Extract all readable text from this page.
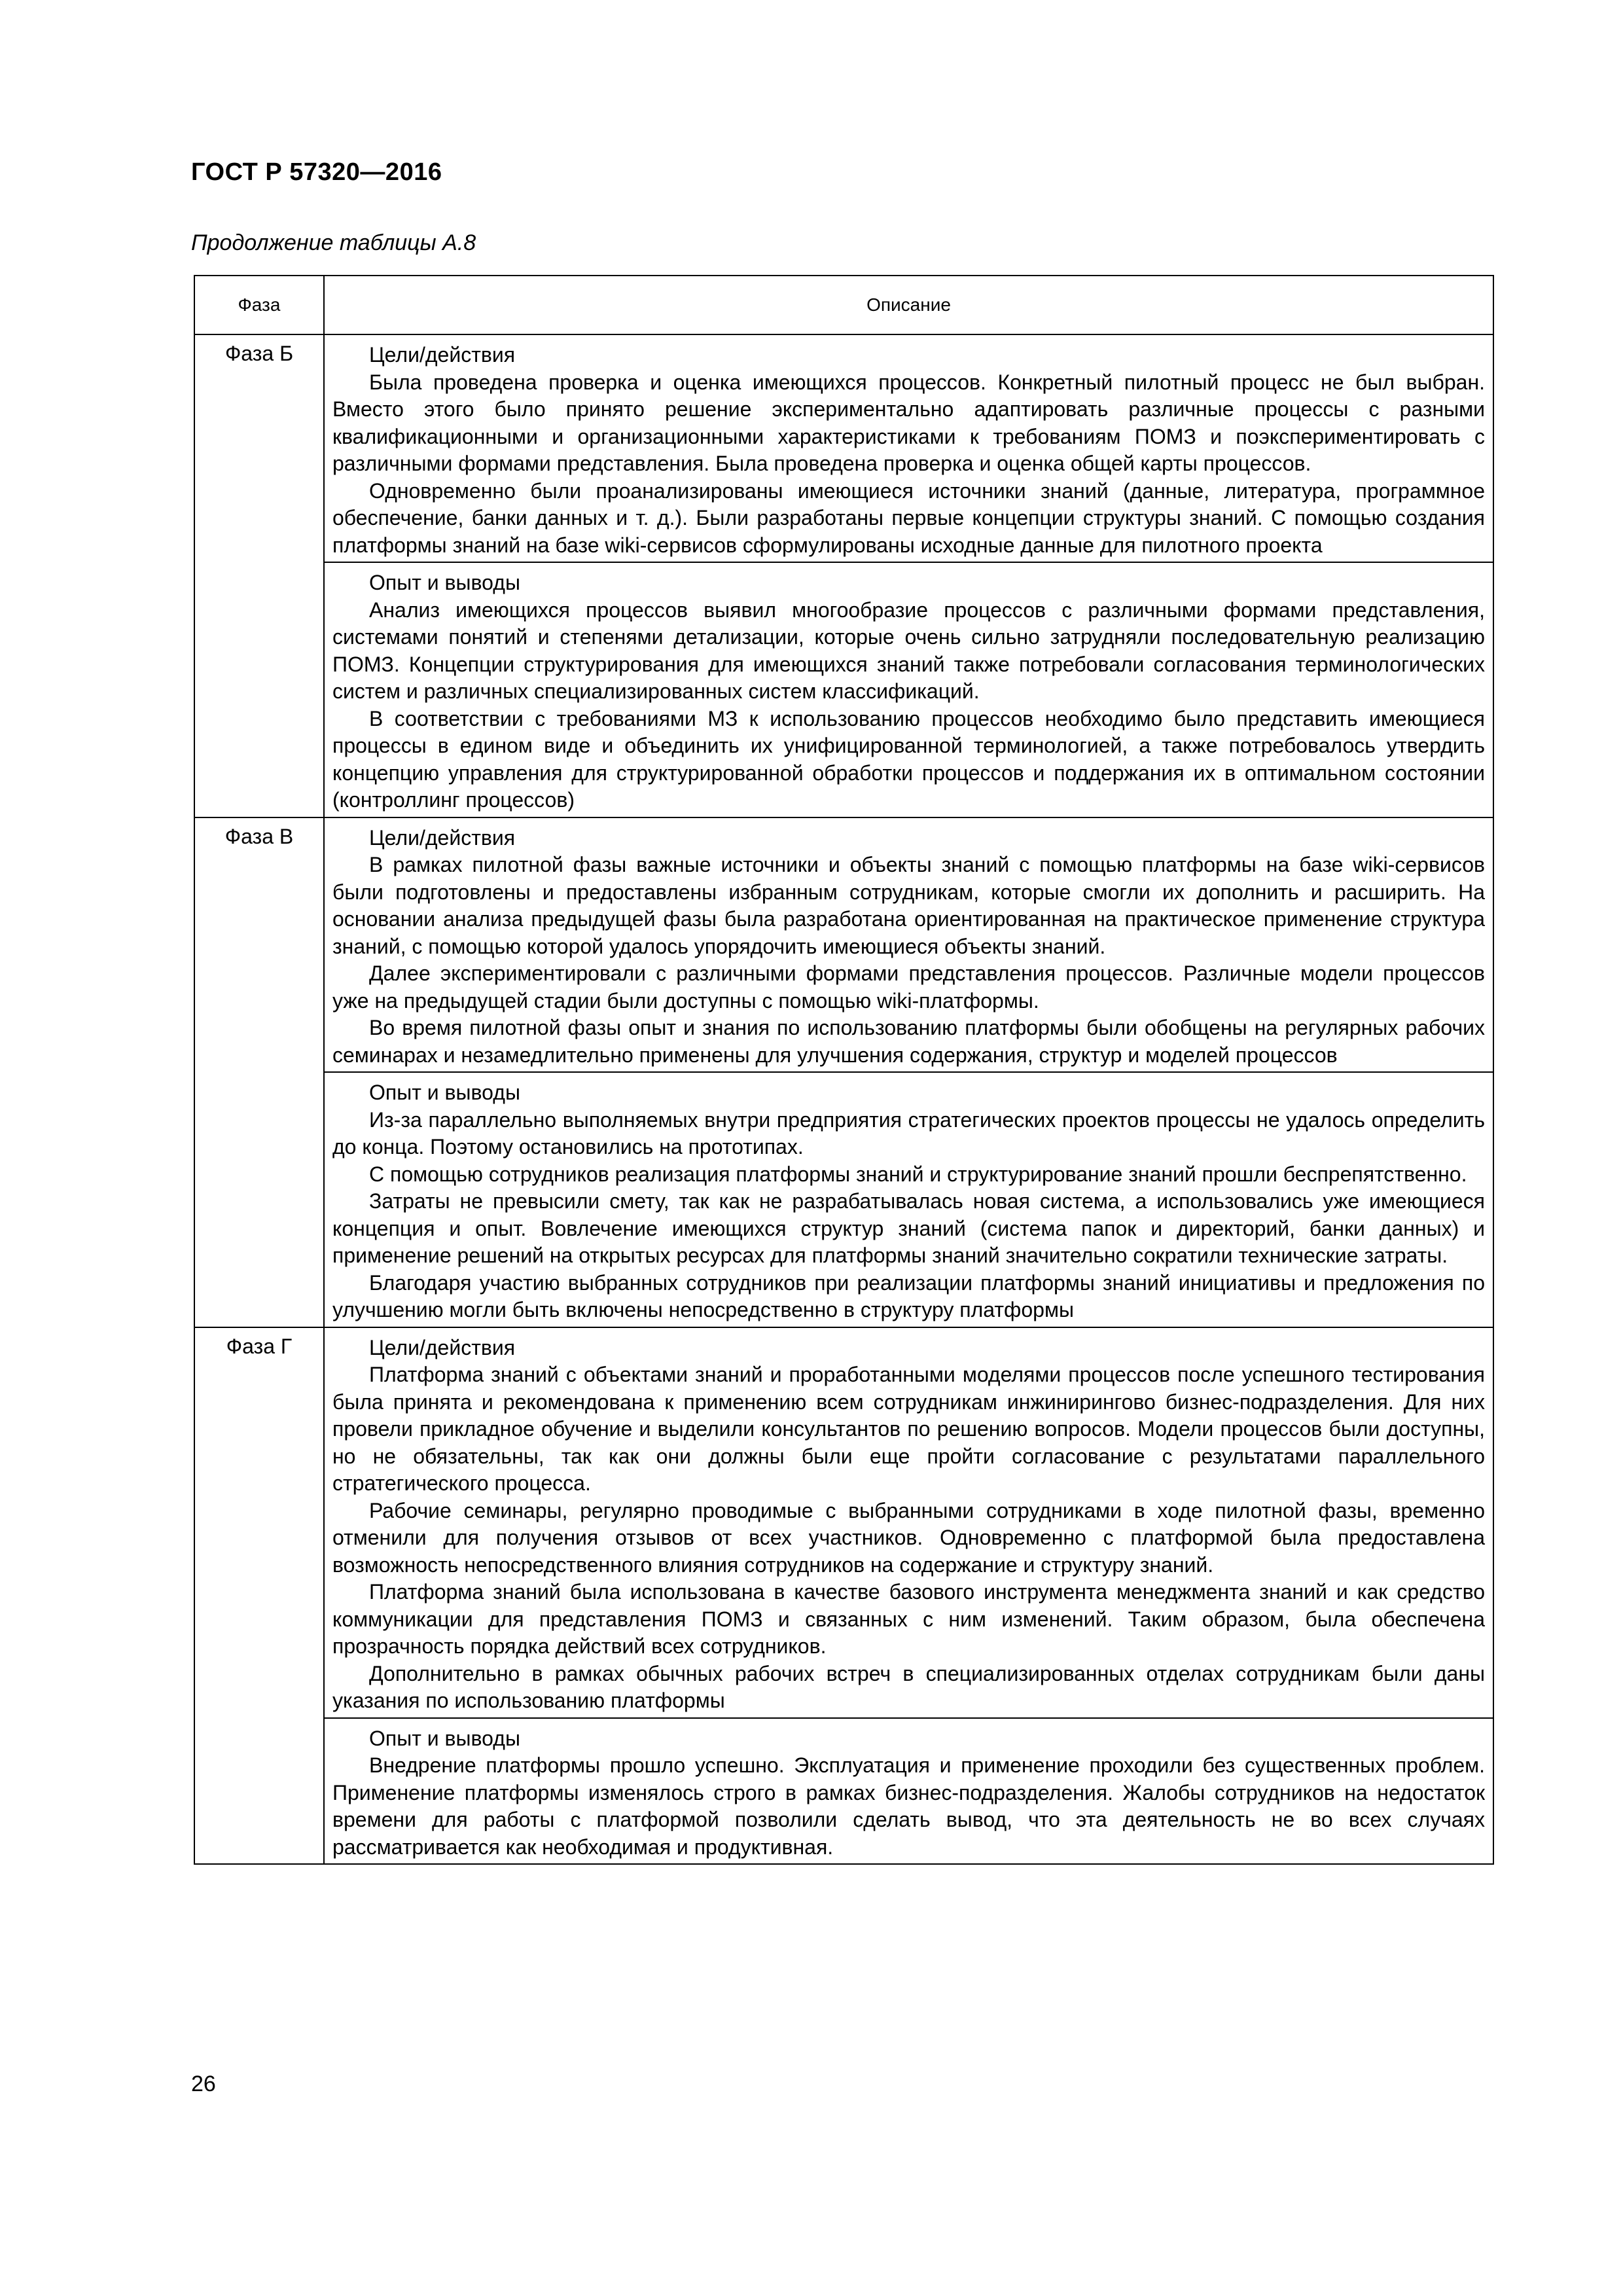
ГОСТ Р 57320—2016
Продолжение таблицы А.8
Фаза	Описание
Фаза Б	Цели/действия

Была проведена проверка и оценка имеющихся процессов. Конкретный пилотный процесс не был выбран. Вместо этого было принято решение экспериментально адаптировать различные процессы с разными квалификационными и организационными характеристиками к требованиям ПОМЗ и поэкспериментировать с различными формами представления. Была проведена проверка и оценка общей карты процессов.

Одновременно были проанализированы имеющиеся источники знаний (данные, литература, программное обеспечение, банки данных и т. д.). Были разработаны первые концепции структуры знаний. С помощью создания платформы знаний на базе wiki-сервисов сформулированы исходные данные для пилотного проекта

	Опыт и выводы

Анализ имеющихся процессов выявил многообразие процессов с различными формами представления, системами понятий и степенями детализации, которые очень сильно затрудняли последовательную реализацию ПОМЗ. Концепции структурирования для имеющихся знаний также потребовали согласования терминологических систем и различных специализированных систем классификаций.

В соответствии с требованиями МЗ к использованию процессов необходимо было представить имеющиеся процессы в едином виде и объединить их унифицированной терминологией, а также потребовалось утвердить концепцию управления для структурированной обработки процессов и поддержания их в оптимальном состоянии (контроллинг процессов)

Фаза В	Цели/действия

В рамках пилотной фазы важные источники и объекты знаний с помощью платформы на базе wiki-сервисов были подготовлены и предоставлены избранным сотрудникам, которые смогли их дополнить и расширить. На основании анализа предыдущей фазы была разработана ориентированная на практическое применение структура знаний, с помощью которой удалось упорядочить имеющиеся объекты знаний.

Далее экспериментировали с различными формами представления процессов. Различные модели процессов уже на предыдущей стадии были доступны с помощью wiki-платформы.

Во время пилотной фазы опыт и знания по использованию платформы были обобщены на регулярных рабочих семинарах и незамедлительно применены для улучшения содержания, структур и моделей процессов

	Опыт и выводы

Из-за параллельно выполняемых внутри предприятия стратегических проектов процессы не удалось определить до конца. Поэтому остановились на прототипах.

С помощью сотрудников реализация платформы знаний и структурирование знаний прошли беспрепятственно.

Затраты не превысили смету, так как не разрабатывалась новая система, а использовались уже имеющиеся концепция и опыт. Вовлечение имеющихся структур знаний (система папок и директорий, банки данных) и применение решений на открытых ресурсах для платформы знаний значительно сократили технические затраты.

Благодаря участию выбранных сотрудников при реализации платформы знаний инициативы и предложения по улучшению могли быть включены непосредственно в структуру платформы

Фаза Г	Цели/действия

Платформа знаний с объектами знаний и проработанными моделями процессов после успешного тестирования была принята и рекомендована к применению всем сотрудникам инжинирингово бизнес-подразделения. Для них провели прикладное обучение и выделили консультантов по решению вопросов. Модели процессов были доступны, но не обязательны, так как они должны были еще пройти согласование с результатами параллельного стратегического процесса.

Рабочие семинары, регулярно проводимые с выбранными сотрудниками в ходе пилотной фазы, временно отменили для получения отзывов от всех участников. Одновременно с платформой была предоставлена возможность непосредственного влияния сотрудников на содержание и структуру знаний.

Платформа знаний была использована в качестве базового инструмента менеджмента знаний и как средство коммуникации для представления ПОМЗ и связанных с ним изменений. Таким образом, была обеспечена прозрачность порядка действий всех сотрудников.

Дополнительно в рамках обычных рабочих встреч в специализированных отделах сотрудникам были даны указания по использованию платформы

	Опыт и выводы

Внедрение платформы прошло успешно. Эксплуатация и применение проходили без существенных проблем. Применение платформы изменялось строго в рамках бизнес-подразделения. Жалобы сотрудников на недостаток времени для работы с платформой позволили сделать вывод, что эта деятельность не во всех случаях рассматривается как необходимая и продуктивная.

26
